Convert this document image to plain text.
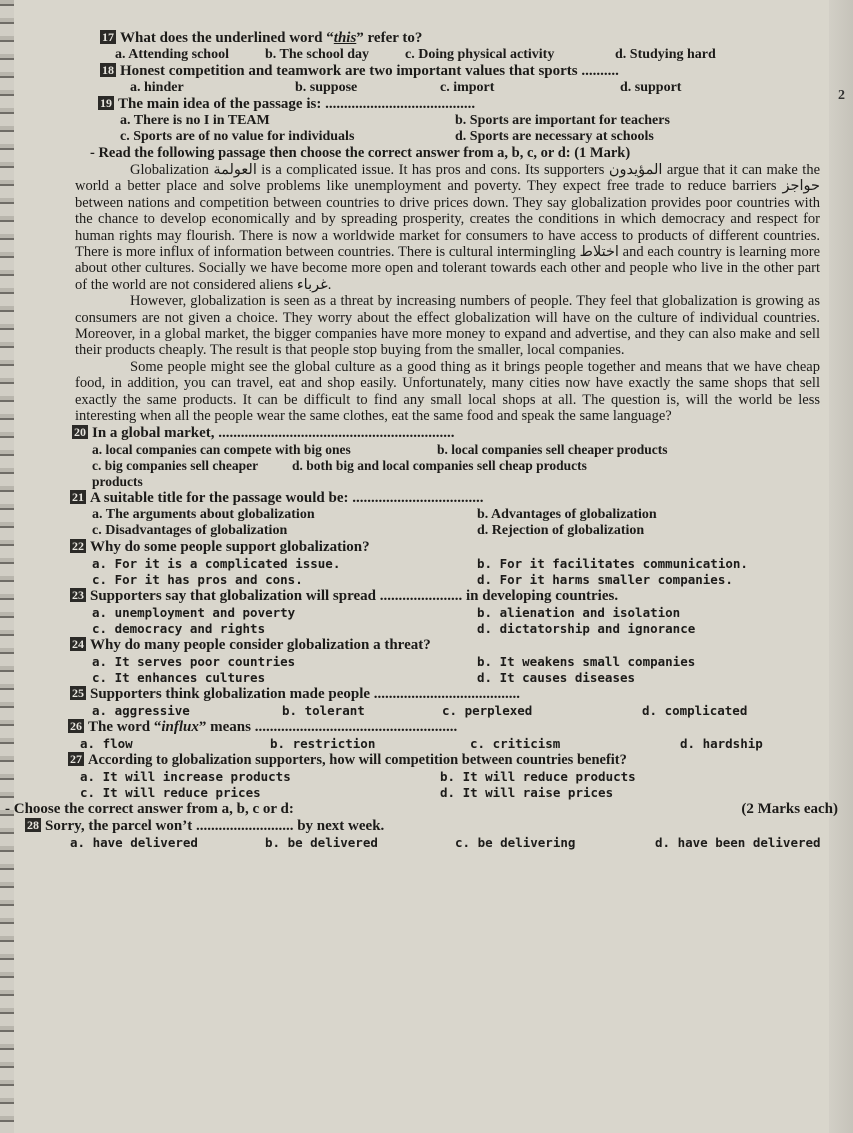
2
17 What does the underlined word “this” refer to?
a. Attending school	b. The school day	c. Doing physical activity	d. Studying hard
18 Honest competition and teamwork are two important values that sports ..........
a. hinder	b. suppose	c. import	d. support
19 The main idea of the passage is: ........................................
a. There is no I in TEAM	b. Sports are important for teachers
c. Sports are of no value for individuals	d. Sports are necessary at schools
- Read the following passage then choose the correct answer from a, b, c, or d: (1 Mark)

Globalization العولمة is a complicated issue. It has pros and cons. Its supporters المؤيدون argue that it can make the world a better place and solve problems like unemployment and poverty. They expect free trade to reduce barriers حواجز between nations and competition between countries to drive prices down. They say globalization provides poor countries with the chance to develop economically and by spreading prosperity, creates the conditions in which democracy and respect for human rights may flourish. There is now a worldwide market for consumers to have access to products of different countries. There is more influx of information between countries. There is cultural intermingling اختلاط and each country is learning more about other cultures. Socially we have become more open and tolerant towards each other and people who live in the other part of the world are not considered aliens غرباء.

However, globalization is seen as a threat by increasing numbers of people. They feel that globalization is growing as consumers are not given a choice. They worry about the effect globalization will have on the culture of individual countries. Moreover, in a global market, the bigger companies have more money to expand and advertise, and they can also make and sell their products cheaply. The result is that people stop buying from the smaller, local companies.

Some people might see the global culture as a good thing as it brings people together and means that we have cheap food, in addition, you can travel, eat and shop easily. Unfortunately, many cities now have exactly the same shops that sell exactly the same products. It can be difficult to find any small local shops at all. The question is, will the world be less interesting when all the people wear the same clothes, eat the same food and speak the same language?

20 In a global market, ...............................................................
a. local companies can compete with big ones	b. local companies sell cheaper products
c. big companies sell cheaper products
d. both big and local companies sell cheap products
21 A suitable title for the passage would be: ...................................
a. The arguments about globalization	b. Advantages of globalization
c. Disadvantages of globalization	d. Rejection of globalization
22 Why do some people support globalization?
a. For it is a complicated issue.	b. For it facilitates communication.
c. For it has pros and cons.	d. For it harms smaller companies.
23 Supporters say that globalization will spread ...................... in developing countries.
a. unemployment and poverty	b. alienation and isolation
c. democracy and rights	d. dictatorship and ignorance
24 Why do many people consider globalization a threat?
a. It serves poor countries	b. It weakens small companies
c. It enhances cultures	d. It causes diseases
25 Supporters think globalization made people .......................................
a. aggressive	b. tolerant	c. perplexed	d. complicated
26 The word “influx” means ......................................................
a. flow	b. restriction	c. criticism	d. hardship
27 According to globalization supporters, how will competition between countries benefit?
a. It will increase products	b. It will reduce products
c. It will reduce prices	d. It will raise prices
- Choose the correct answer from a, b, c or d:	(2 Marks each)
28 Sorry, the parcel won’t .......................... by next week.
a. have delivered	b. be delivered	c. be delivering	d. have been delivered
